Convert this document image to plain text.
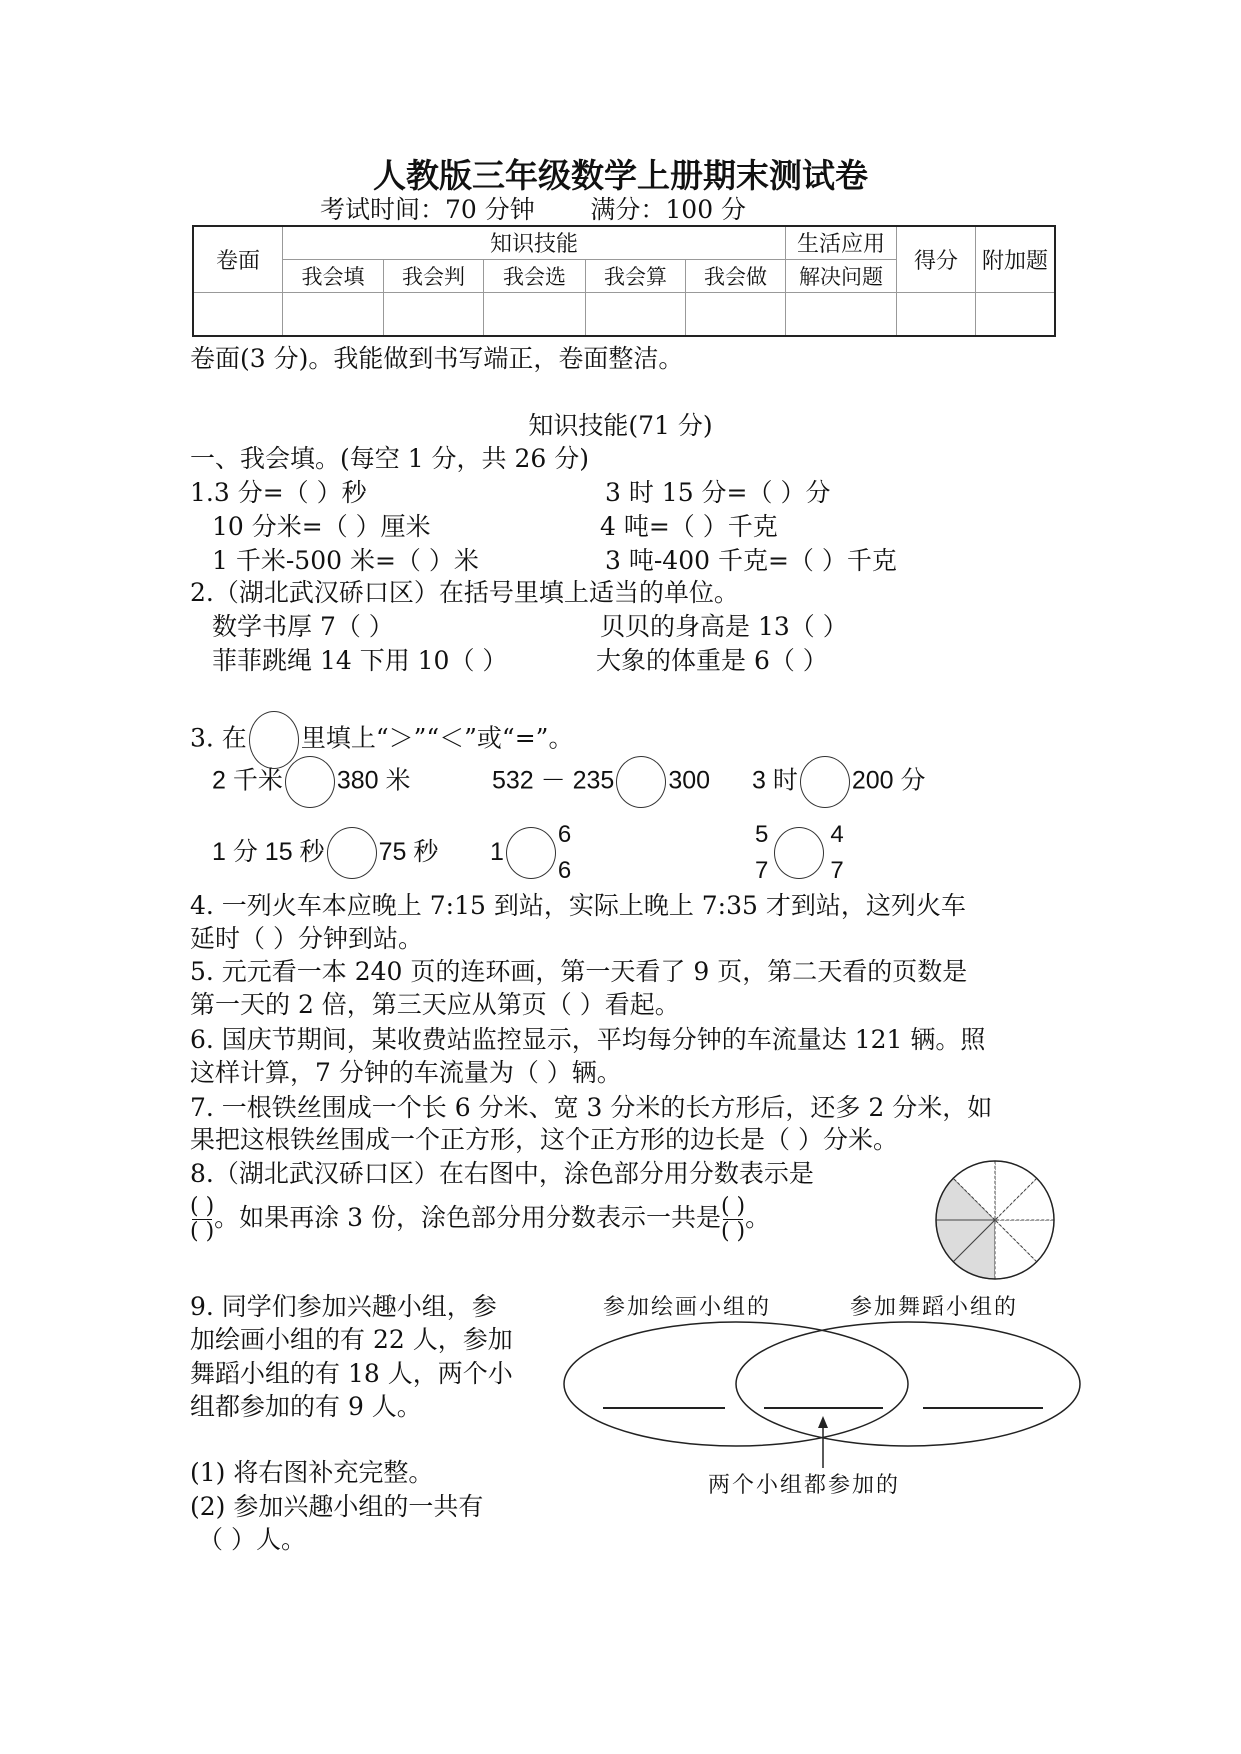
人教版三年级数学上册期末测试卷
考试时间：70 分钟       满分：100 分
卷面	知识技能					生活应用	得分	附加题
	我会填	我会判	我会选	我会算	我会做	解决问题		

卷面(3 分)。我能做到书写端正，卷面整洁。
知识技能(71 分)
一、我会填。(每空 1 分，共 26 分)
1.3 分=（ ）秒	3 时 15 分=（ ）分
10 分米=（ ）厘米	4 吨=（ ）千克
1 千米-500 米=（ ）米	3 吨-400 千克=（ ）千克
2.（湖北武汉硚口区）在括号里填上适当的单位。
数学书厚 7（ ）	贝贝的身高是 13（ ）
菲菲跳绳 14 下用 10（ ）	大象的体重是 6（ ）
3. 在 里填上“＞”“＜”或“=”。
2 千米 380 米	532 － 235 300 3 时 200 分
1 分 15 秒 75 秒 1
6
6
5
7
4
7
4. 一列火车本应晚上 7:15 到站，实际上晚上 7:35 才到站，这列火车
延时（ ）分钟到站。
5. 元元看一本 240 页的连环画，第一天看了 9 页，第二天看的页数是
第一天的 2 倍，第三天应从第页（ ）看起。
6. 国庆节期间，某收费站监控显示，平均每分钟的车流量达 121 辆。照
这样计算，7 分钟的车流量为（ ）辆。
7. 一根铁丝围成一个长 6 分米、宽 3 分米的长方形后，还多 2 分米，如
果把这根铁丝围成一个正方形，这个正方形的边长是（ ）分米。
8.（湖北武汉硚口区）在右图中，涂色部分用分数表示是
( )
( ) 。如果再涂 3 份，涂色部分用分数表示一共是 ( )
( ) 。
9. 同学们参加兴趣小组，参
加绘画小组的有 22 人，参加
舞蹈小组的有 18 人，两个小
组都参加的有 9 人。
(1) 将右图补充完整。
(2) 参加兴趣小组的一共有
（ ）人。
参加绘画小组的	参加舞蹈小组的
两个小组都参加的
